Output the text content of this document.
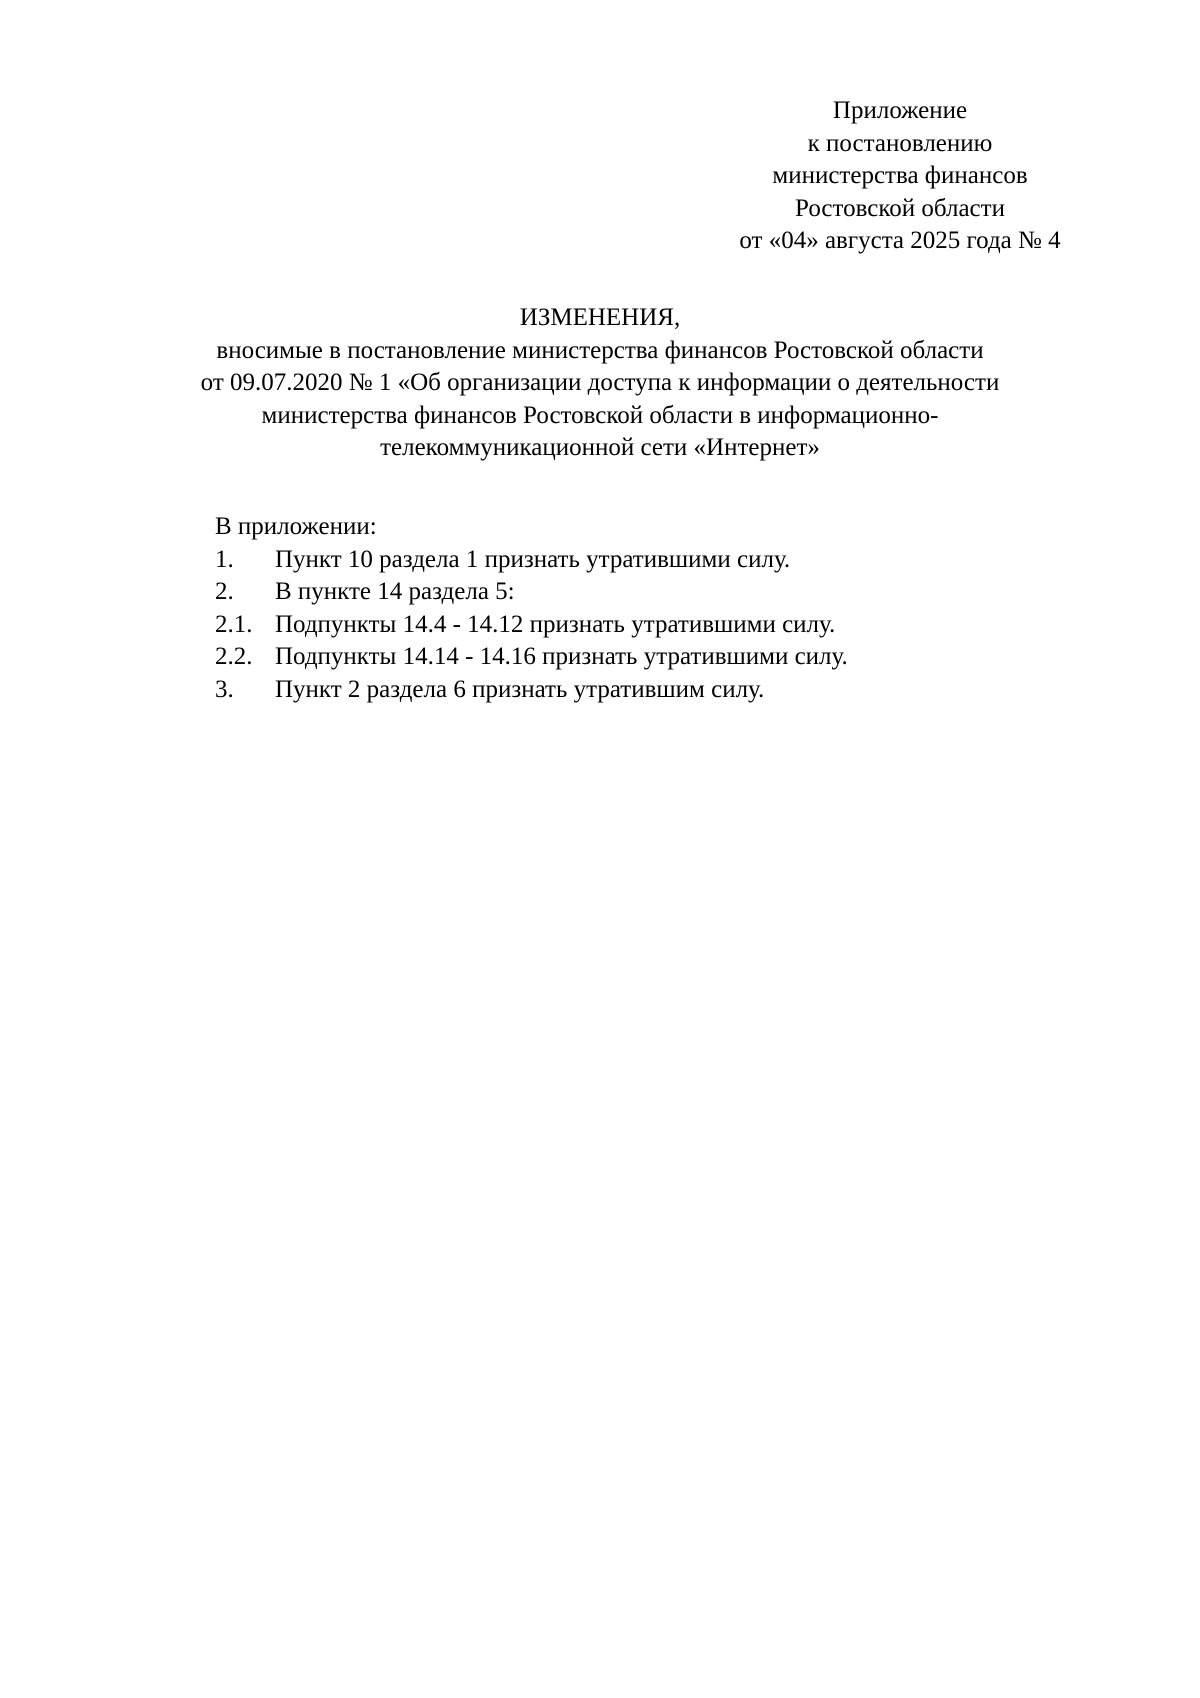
Приложение
к постановлению
министерства финансов
Ростовской области
от «04» августа 2025 года № 4
ИЗМЕНЕНИЯ,
вносимые в постановление министерства финансов Ростовской области
от 09.07.2020 № 1 «Об организации доступа к информации о деятельности
министерства финансов Ростовской области в информационно-
телекоммуникационной сети «Интернет»
В приложении:
1.	Пункт 10 раздела 1 признать утратившими силу.
2.	В пункте 14 раздела 5:
2.1. Подпункты 14.4 - 14.12 признать утратившими силу.
2.2. Подпункты 14.14 - 14.16 признать утратившими силу.
3.	Пункт 2 раздела 6 признать утратившим силу.
